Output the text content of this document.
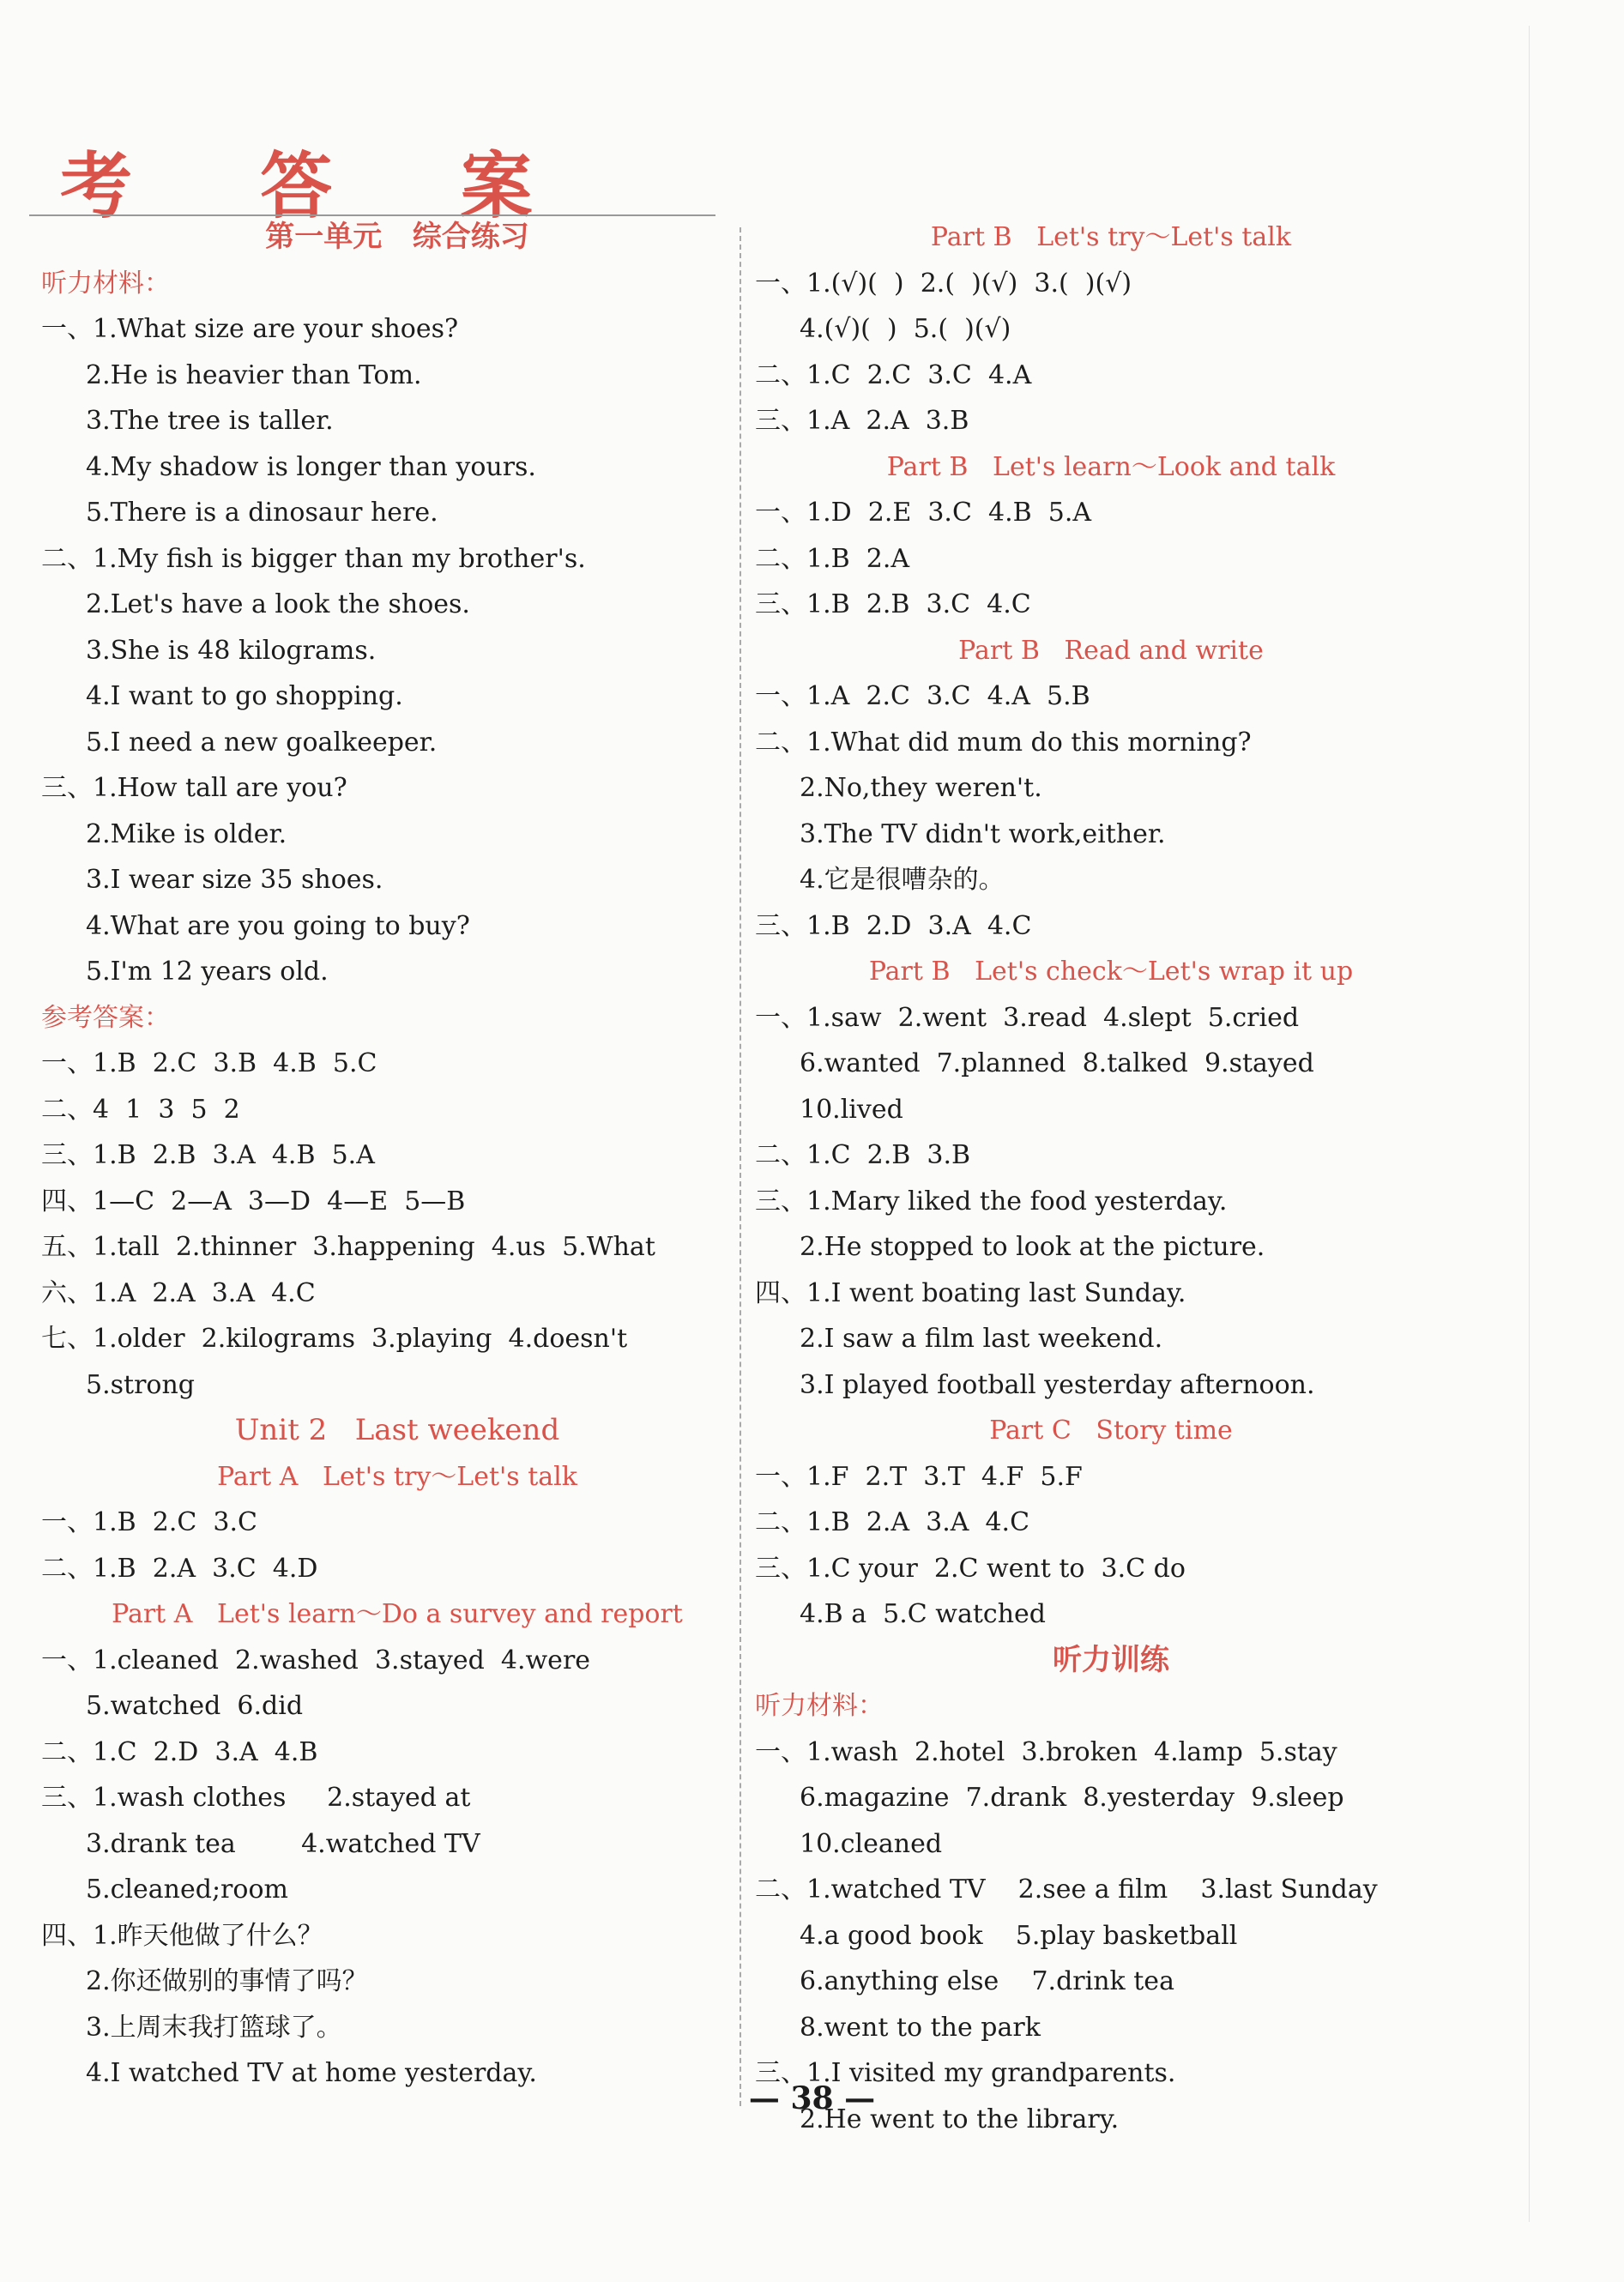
考 答 案
第一单元   综合练习
听力材料：
一、1.What size are your shoes?
2.He is heavier than Tom.
3.The tree is taller.
4.My shadow is longer than yours.
5.There is a dinosaur here.
二、1.My fish is bigger than my brother's.
2.Let's have a look the shoes.
3.She is 48 kilograms.
4.I want to go shopping.
5.I need a new goalkeeper.
三、1.How tall are you?
2.Mike is older.
3.I wear size 35 shoes.
4.What are you going to buy?
5.I'm 12 years old.
参考答案：
一、1.B  2.C  3.B  4.B  5.C
二、4  1  3  5  2
三、1.B  2.B  3.A  4.B  5.A
四、1—C  2—A  3—D  4—E  5—B
五、1.tall  2.thinner  3.happening  4.us  5.What
六、1.A  2.A  3.A  4.C
七、1.older  2.kilograms  3.playing  4.doesn't
5.strong
Unit 2   Last weekend
Part A   Let's try～Let's talk
一、1.B  2.C  3.C
二、1.B  2.A  3.C  4.D
Part A   Let's learn～Do a survey and report
一、1.cleaned  2.washed  3.stayed  4.were
5.watched  6.did
二、1.C  2.D  3.A  4.B
三、1.wash clothes     2.stayed at
3.drank tea        4.watched TV
5.cleaned;room
四、1.昨天他做了什么？
2.你还做别的事情了吗？
3.上周末我打篮球了。
4.I watched TV at home yesterday.
Part B   Let's try～Let's talk
一、1.(√)(  )  2.(  )(√)  3.(  )(√)
4.(√)(  )  5.(  )(√)
二、1.C  2.C  3.C  4.A
三、1.A  2.A  3.B
Part B   Let's learn～Look and talk
一、1.D  2.E  3.C  4.B  5.A
二、1.B  2.A
三、1.B  2.B  3.C  4.C
Part B   Read and write
一、1.A  2.C  3.C  4.A  5.B
二、1.What did mum do this morning?
2.No,they weren't.
3.The TV didn't work,either.
4.它是很嘈杂的。
三、1.B  2.D  3.A  4.C
Part B   Let's check～Let's wrap it up
一、1.saw  2.went  3.read  4.slept  5.cried
6.wanted  7.planned  8.talked  9.stayed
10.lived
二、1.C  2.B  3.B
三、1.Mary liked the food yesterday.
2.He stopped to look at the picture.
四、1.I went boating last Sunday.
2.I saw a film last weekend.
3.I played football yesterday afternoon.
Part C   Story time
一、1.F  2.T  3.T  4.F  5.F
二、1.B  2.A  3.A  4.C
三、1.C your  2.C went to  3.C do
4.B a  5.C watched
听力训练
听力材料：
一、1.wash  2.hotel  3.broken  4.lamp  5.stay
6.magazine  7.drank  8.yesterday  9.sleep
10.cleaned
二、1.watched TV    2.see a film    3.last Sunday
4.a good book    5.play basketball
6.anything else    7.drink tea
8.went to the park
三、1.I visited my grandparents.
2.He went to the library.
— 38 —
